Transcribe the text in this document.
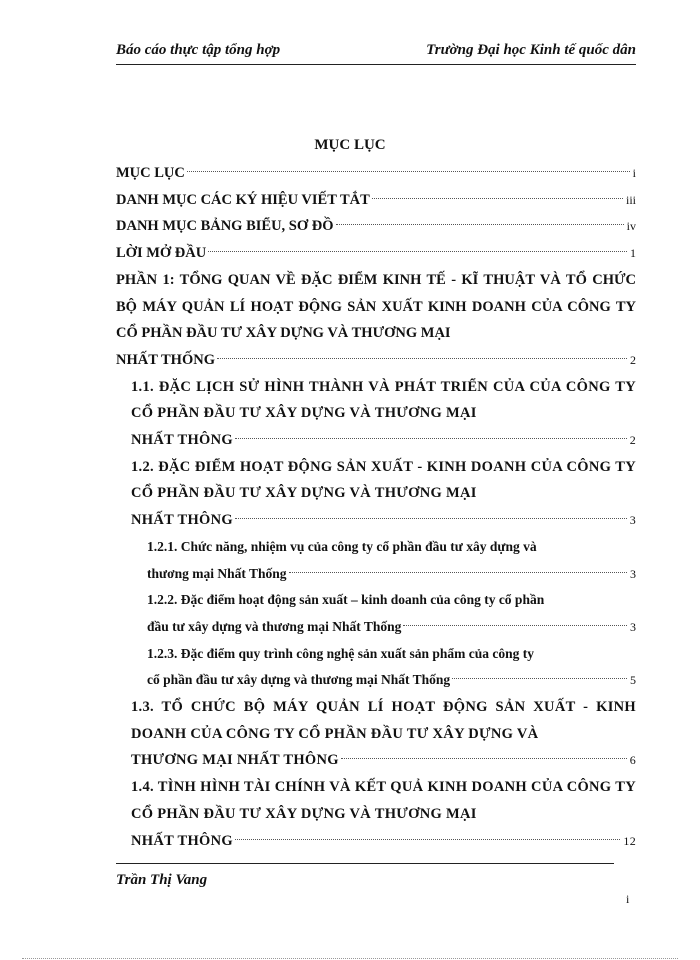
Báo cáo thực tập tổng hợp	Trường Đại học Kinh tế quốc dân
MỤC LỤC
MỤC LỤC	i
DANH MỤC CÁC KÝ HIỆU VIẾT TẮT	iii
DANH MỤC BẢNG BIỂU, SƠ ĐỒ	iv
LỜI MỞ ĐẦU	1
PHẦN 1: TỔNG QUAN VỀ ĐẶC ĐIỂM KINH TẾ - KĨ THUẬT VÀ TỔ CHỨC BỘ MÁY QUẢN LÍ HOẠT ĐỘNG SẢN XUẤT KINH DOANH CỦA CÔNG TY CỔ PHẦN ĐẦU TƯ XÂY DỰNG VÀ THƯƠNG MẠI
NHẤT THỐNG	2
1.1. ĐẶC LỊCH SỬ HÌNH THÀNH VÀ PHÁT TRIỂN CỦA CỦA CÔNG TY CỔ PHẦN ĐẦU TƯ XÂY DỰNG VÀ THƯƠNG MẠI
NHẤT THÔNG	2
1.2. ĐẶC ĐIỂM HOẠT ĐỘNG SẢN XUẤT - KINH DOANH CỦA CÔNG TY CỔ PHẦN ĐẦU TƯ XÂY DỰNG VÀ THƯƠNG MẠI
NHẤT THÔNG	3
1.2.1. Chức năng, nhiệm vụ của công ty cổ phần đầu tư xây dựng và
thương mại Nhất Thống	3
1.2.2. Đặc điểm hoạt động sản xuất – kinh doanh của công ty cổ phần
đầu tư xây dựng và thương mại Nhất Thống	3
1.2.3. Đặc điểm quy trình công nghệ sản xuất sản phẩm của công ty
cổ phần đầu tư xây dựng và thương mại Nhất Thống	5
1.3. TỔ CHỨC BỘ MÁY QUẢN LÍ HOẠT ĐỘNG SẢN XUẤT - KINH DOANH CỦA CÔNG TY CỔ PHẦN ĐẦU TƯ XÂY DỰNG VÀ
THƯƠNG MẠI NHẤT THÔNG	6
1.4. TÌNH HÌNH TÀI CHÍNH VÀ KẾT QUẢ KINH DOANH CỦA CÔNG TY CỔ PHẦN ĐẦU TƯ XÂY DỰNG VÀ THƯƠNG MẠI
NHẤT THÔNG	12
Trần Thị Vang
i
